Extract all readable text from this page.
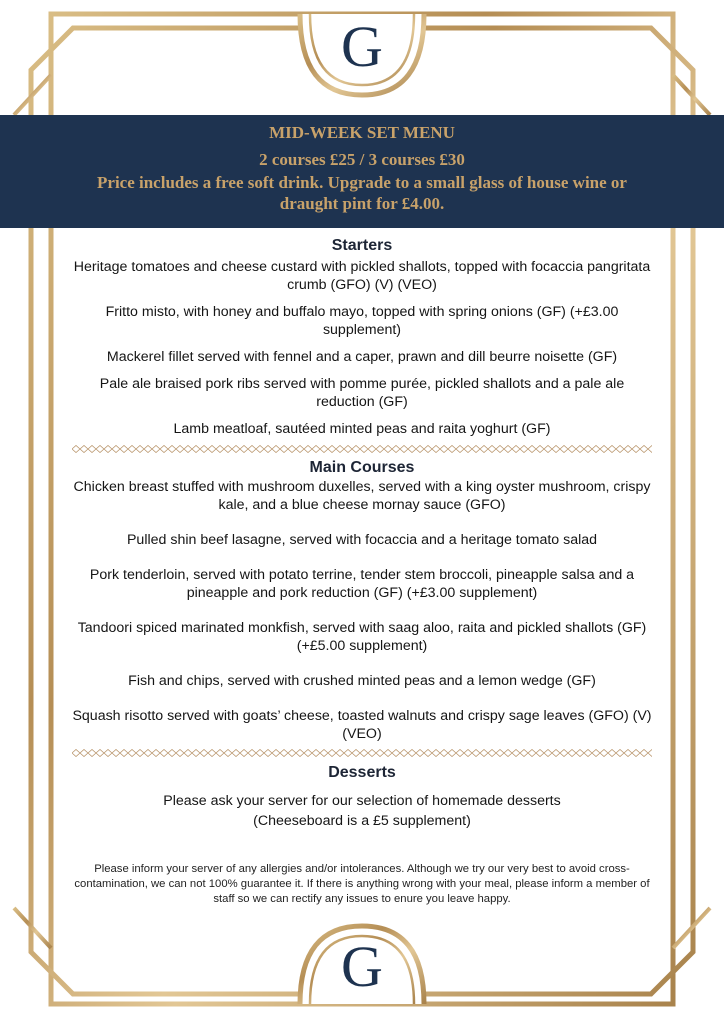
G
G
MID-WEEK SET MENU
2 courses £25 / 3 courses £30
Price includes a free soft drink. Upgrade to a small glass of house wine or draught pint for £4.00.

Starters

Heritage tomatoes and cheese custard with pickled shallots, topped with focaccia pangritata crumb (GFO) (V) (VEO)

Fritto misto, with honey and buffalo mayo, topped with spring onions (GF) (+£3.00 supplement)

Mackerel fillet served with fennel and a caper, prawn and dill beurre noisette (GF)

Pale ale braised pork ribs served with pomme purée, pickled shallots and a pale ale reduction (GF)

Lamb meatloaf, sautéed minted peas and raita yoghurt (GF)

Main Courses

Chicken breast stuffed with mushroom duxelles, served with a king oyster mushroom, crispy kale, and a blue cheese mornay sauce (GFO)

Pulled shin beef lasagne, served with focaccia and a heritage tomato salad

Pork tenderloin, served with potato terrine, tender stem broccoli, pineapple salsa and a pineapple and pork reduction (GF) (+£3.00 supplement)

Tandoori spiced marinated monkfish, served with saag aloo, raita and pickled shallots (GF) (+£5.00 supplement)

Fish and chips, served with crushed minted peas and a lemon wedge (GF)

Squash risotto served with goats’ cheese, toasted walnuts and crispy sage leaves (GFO) (V) (VEO)

Desserts

Please ask your server for our selection of homemade desserts

(Cheeseboard is a £5 supplement)

Please inform your server of any allergies and/or intolerances. Although we try our very best to avoid cross-contamination, we can not 100% guarantee it. If there is anything wrong with your meal, please inform a member of staff so we can rectify any issues to enure you leave happy.
